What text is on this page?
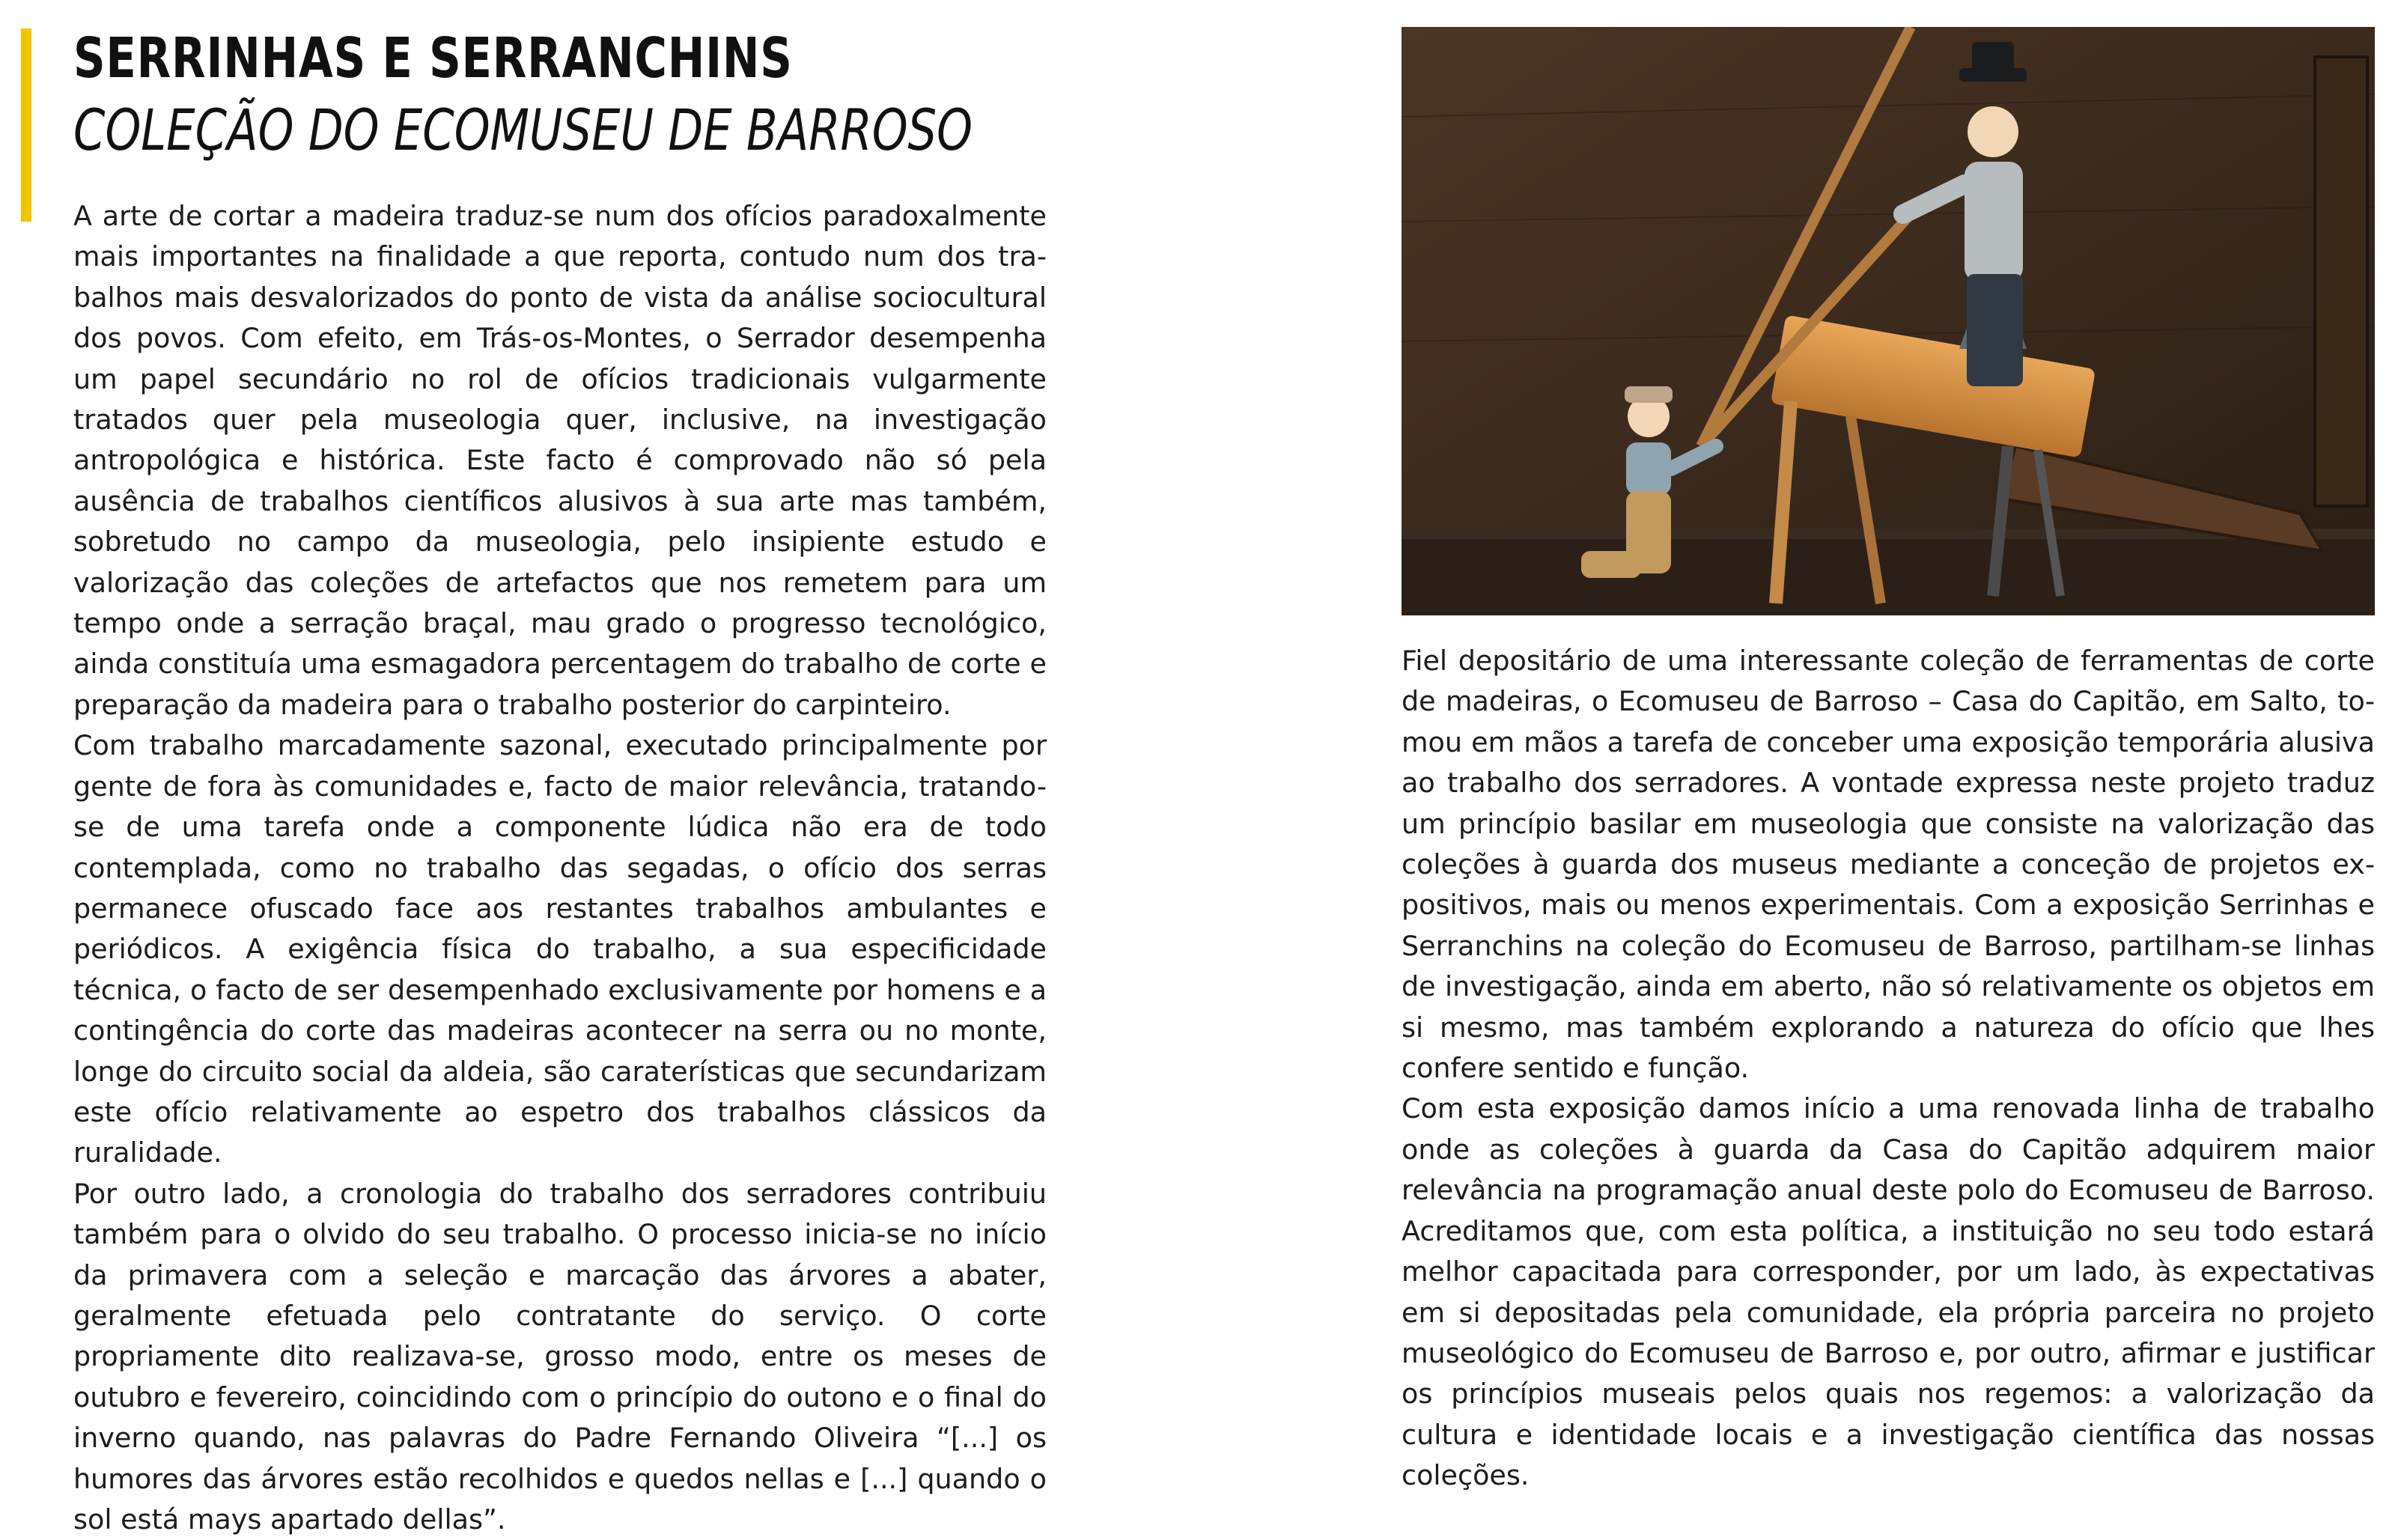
SERRINHAS E SERRANCHINS
COLEÇÃO DO ECOMUSEU DE BARROSO

A arte de cortar a madeira traduz-se num dos ofícios paradoxalmente mais importantes na finalidade a que reporta, contudo num dos trabalhos mais desvalorizados do ponto de vista da análise sociocultural dos povos. Com efeito, em Trás-os-Montes, o Serrador desempenha um papel secundário no rol de ofícios tradicionais vulgarmente tratados quer pela museologia quer, inclusive, na investigação antropológica e histórica. Este facto é comprovado não só pela ausência de trabalhos científicos alusivos à sua arte mas também, sobretudo no campo da museologia, pelo insipiente estudo e valorização das coleções de artefactos que nos remetem para um tempo onde a serração braçal, mau grado o progresso tecnológico, ainda constituía uma esmagadora percentagem do trabalho de corte e preparação da madeira para o trabalho posterior do carpinteiro.

Com trabalho marcadamente sazonal, executado principalmente por gente de fora às comunidades e, facto de maior relevância, tratando-se de uma tarefa onde a componente lúdica não era de todo contemplada, como no trabalho das segadas, o ofício dos serras permanece ofuscado face aos restantes trabalhos ambulantes e periódicos. A exigência física do trabalho, a sua especificidade técnica, o facto de ser desempenhado exclusivamente por homens e a contingência do corte das madeiras acontecer na serra ou no monte, longe do circuito social da aldeia, são caraterísticas que secundarizam este ofício relativamente ao espetro dos trabalhos clássicos da ruralidade.

Por outro lado, a cronologia do trabalho dos serradores contribuiu também para o olvido do seu trabalho. O processo inicia-se no início da primavera com a seleção e marcação das árvores a abater, geralmente efetuada pelo contratante do serviço. O corte propriamente dito realizava-se, grosso modo, entre os meses de outubro e fevereiro, coincidindo com o princípio do outono e o final do inverno quando, nas palavras do Padre Fernando Oliveira “[...] os humores das árvores estão recolhidos e quedos nellas e [...] quando o sol está mays apartado dellas”.

Fiel depositário de uma interessante coleção de ferramentas de corte de madeiras, o Ecomuseu de Barroso – Casa do Capitão, em Salto, tomou em mãos a tarefa de conceber uma exposição temporária alusiva ao trabalho dos serradores. A vontade expressa neste projeto traduz um princípio basilar em museologia que consiste na valorização das coleções à guarda dos museus mediante a conceção de projetos expositivos, mais ou menos experimentais. Com a exposição Serrinhas e Serranchins na coleção do Ecomuseu de Barroso, partilham-se linhas de investigação, ainda em aberto, não só relativamente os objetos em si mesmo, mas também explorando a natureza do ofício que lhes confere sentido e função.

Com esta exposição damos início a uma renovada linha de trabalho onde as coleções à guarda da Casa do Capitão adquirem maior relevância na programação anual deste polo do Ecomuseu de Barroso. Acreditamos que, com esta política, a instituição no seu todo estará melhor capacitada para corresponder, por um lado, às expectativas em si depositadas pela comunidade, ela própria parceira no projeto museológico do Ecomuseu de Barroso e, por outro, afirmar e justificar os princípios museais pelos quais nos regemos: a valorização da cultura e identidade locais e a investigação científica das nossas coleções.
